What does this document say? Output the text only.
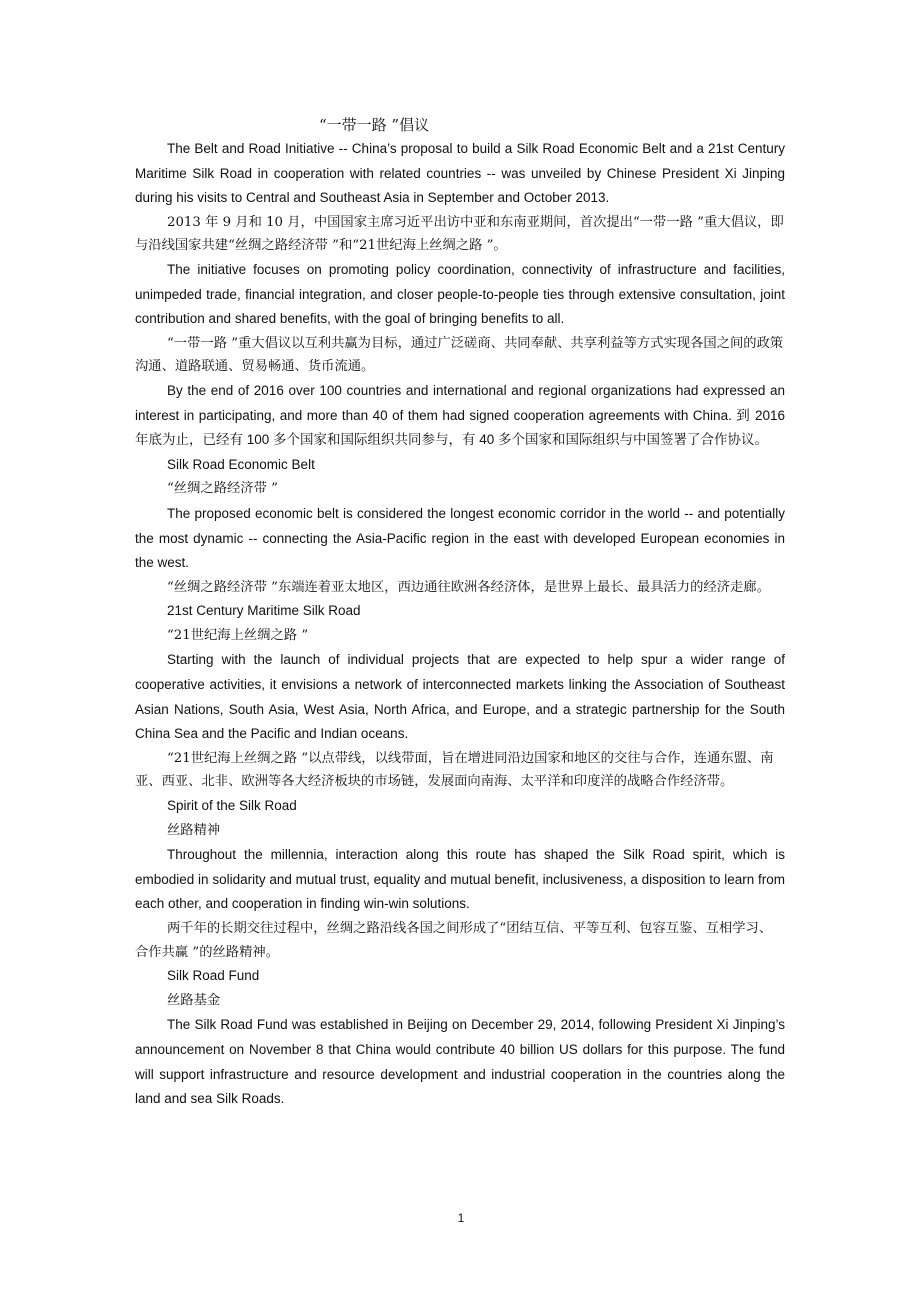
“一带一路 ”倡议

The Belt and Road Initiative -- China’s proposal to build a Silk Road Economic Belt and a 21st Century Maritime Silk Road in cooperation with related countries -- was unveiled by Chinese President Xi Jinping during his visits to Central and Southeast Asia in September and October 2013.

2013 年 9 月和 10 月，中国国家主席习近平出访中亚和东南亚期间，首次提出“一带一路 ”重大倡议，即与沿线国家共建“丝绸之路经济带 ”和“21世纪海上丝绸之路 ”。

The initiative focuses on promoting policy coordination, connectivity of infrastructure and facilities, unimpeded trade, financial integration, and closer people-to-people ties through extensive consultation, joint contribution and shared benefits, with the goal of bringing benefits to all.

“一带一路 ”重大倡议以互利共赢为目标，通过广泛磋商、共同奉献、共享利益等方式实现各国之间的政策沟通、道路联通、贸易畅通、货币流通。

By the end of 2016 over 100 countries and international and regional organizations had expressed an interest in participating, and more than 40 of them had signed cooperation agreements with China. 到 2016 年底为止，已经有 100 多个国家和国际组织共同参与，有 40 多个国家和国际组织与中国签署了合作协议。

Silk Road Economic Belt

“丝绸之路经济带 ”

The proposed economic belt is considered the longest economic corridor in the world -- and potentially the most dynamic -- connecting the Asia-Pacific region in the east with developed European economies in the west.

“丝绸之路经济带 ”东端连着亚太地区，西边通往欧洲各经济体，是世界上最长、最具活力的经济走廊。

21st Century Maritime Silk Road

“21世纪海上丝绸之路 ”

Starting with the launch of individual projects that are expected to help spur a wider range of cooperative activities, it envisions a network of interconnected markets linking the Association of Southeast Asian Nations, South Asia, West Asia, North Africa, and Europe, and a strategic partnership for the South China Sea and the Pacific and Indian oceans.

“21世纪海上丝绸之路 ”以点带线，以线带面，旨在增进同沿边国家和地区的交往与合作，连通东盟、南亚、西亚、北非、欧洲等各大经济板块的市场链，发展面向南海、太平洋和印度洋的战略合作经济带。

Spirit of the Silk Road

丝路精神

Throughout the millennia, interaction along this route has shaped the Silk Road spirit, which is embodied in solidarity and mutual trust, equality and mutual benefit, inclusiveness, a disposition to learn from each other, and cooperation in finding win-win solutions.

两千年的长期交往过程中，丝绸之路沿线各国之间形成了“团结互信、平等互利、包容互鉴、互相学习、合作共赢 ”的丝路精神。

Silk Road Fund

丝路基金

The Silk Road Fund was established in Beijing on December 29, 2014, following President Xi Jinping’s announcement on November 8 that China would contribute 40 billion US dollars for this purpose. The fund will support infrastructure and resource development and industrial cooperation in the countries along the land and sea Silk Roads.

1
